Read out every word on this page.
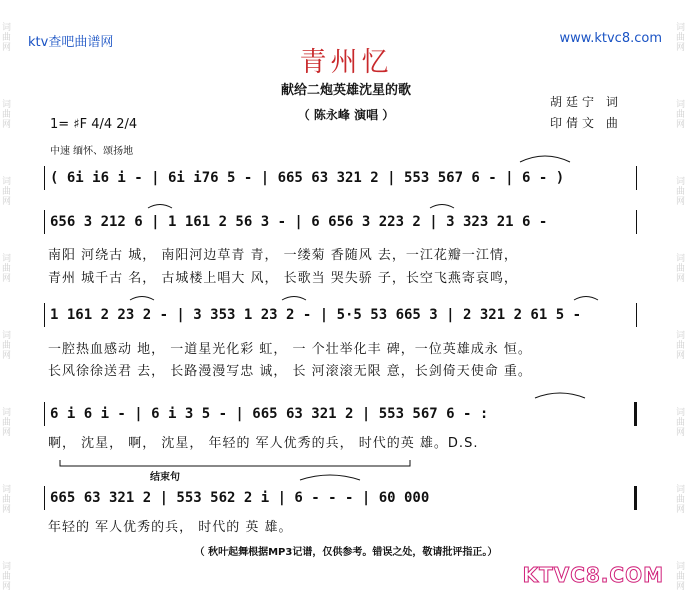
词曲网
词曲网
词曲网
词曲网
词曲网
词曲网
词曲网
词曲网
词曲网
词曲网
词曲网
词曲网
词曲网
词曲网
词曲网
词曲网
ktv查吧曲谱网	www.ktvc8.com
青州忆
献给二炮英雄沈星的歌
（ 陈永峰 演唱 ）
胡廷宁 词
印倩文 曲
1= ♯F 4/4 2/4
中速 缅怀、颂扬地
( 6i i6 i - | 6i i76 5 - | 665 63 321 2 | 553 567 6 - | 6 - )
656 3 212 6 | 1 161 2 56 3 - | 6 656 3 223 2 | 3 323 21 6 -
南阳 河绕古 城， 南阳河边草青 青， 一缕菊 香随风 去，一江花瓣一江情，
青州 城千古 名， 古城楼上唱大 风， 长歌当 哭失骄 子，长空飞燕寄哀鸣，
1 161 2 23 2 - | 3 353 1 23 2 - | 5·5 53 665 3 | 2 321 2 61 5 -
一腔热血感动 地， 一道星光化彩 虹， 一 个壮举化丰 碑，一位英雄成永 恒。
长风徐徐送君 去， 长路漫漫写忠 诚， 长 河滚滚无限 意，长剑倚天使命 重。
6 i 6 i - | 6 i 3 5 - | 665 63 321 2 | 553 567 6 - :
啊， 沈星， 啊， 沈星， 年轻的 军人优秀的兵， 时代的英 雄。D.S.
结束句
665 63 321 2 | 553 562 2 i | 6 - - - | 60 000
年轻的 军人优秀的兵， 时代的 英 雄。
（ 秋叶起舞根据MP3记谱，仅供参考。错误之处，敬请批评指正。）
KTVC8.COM
